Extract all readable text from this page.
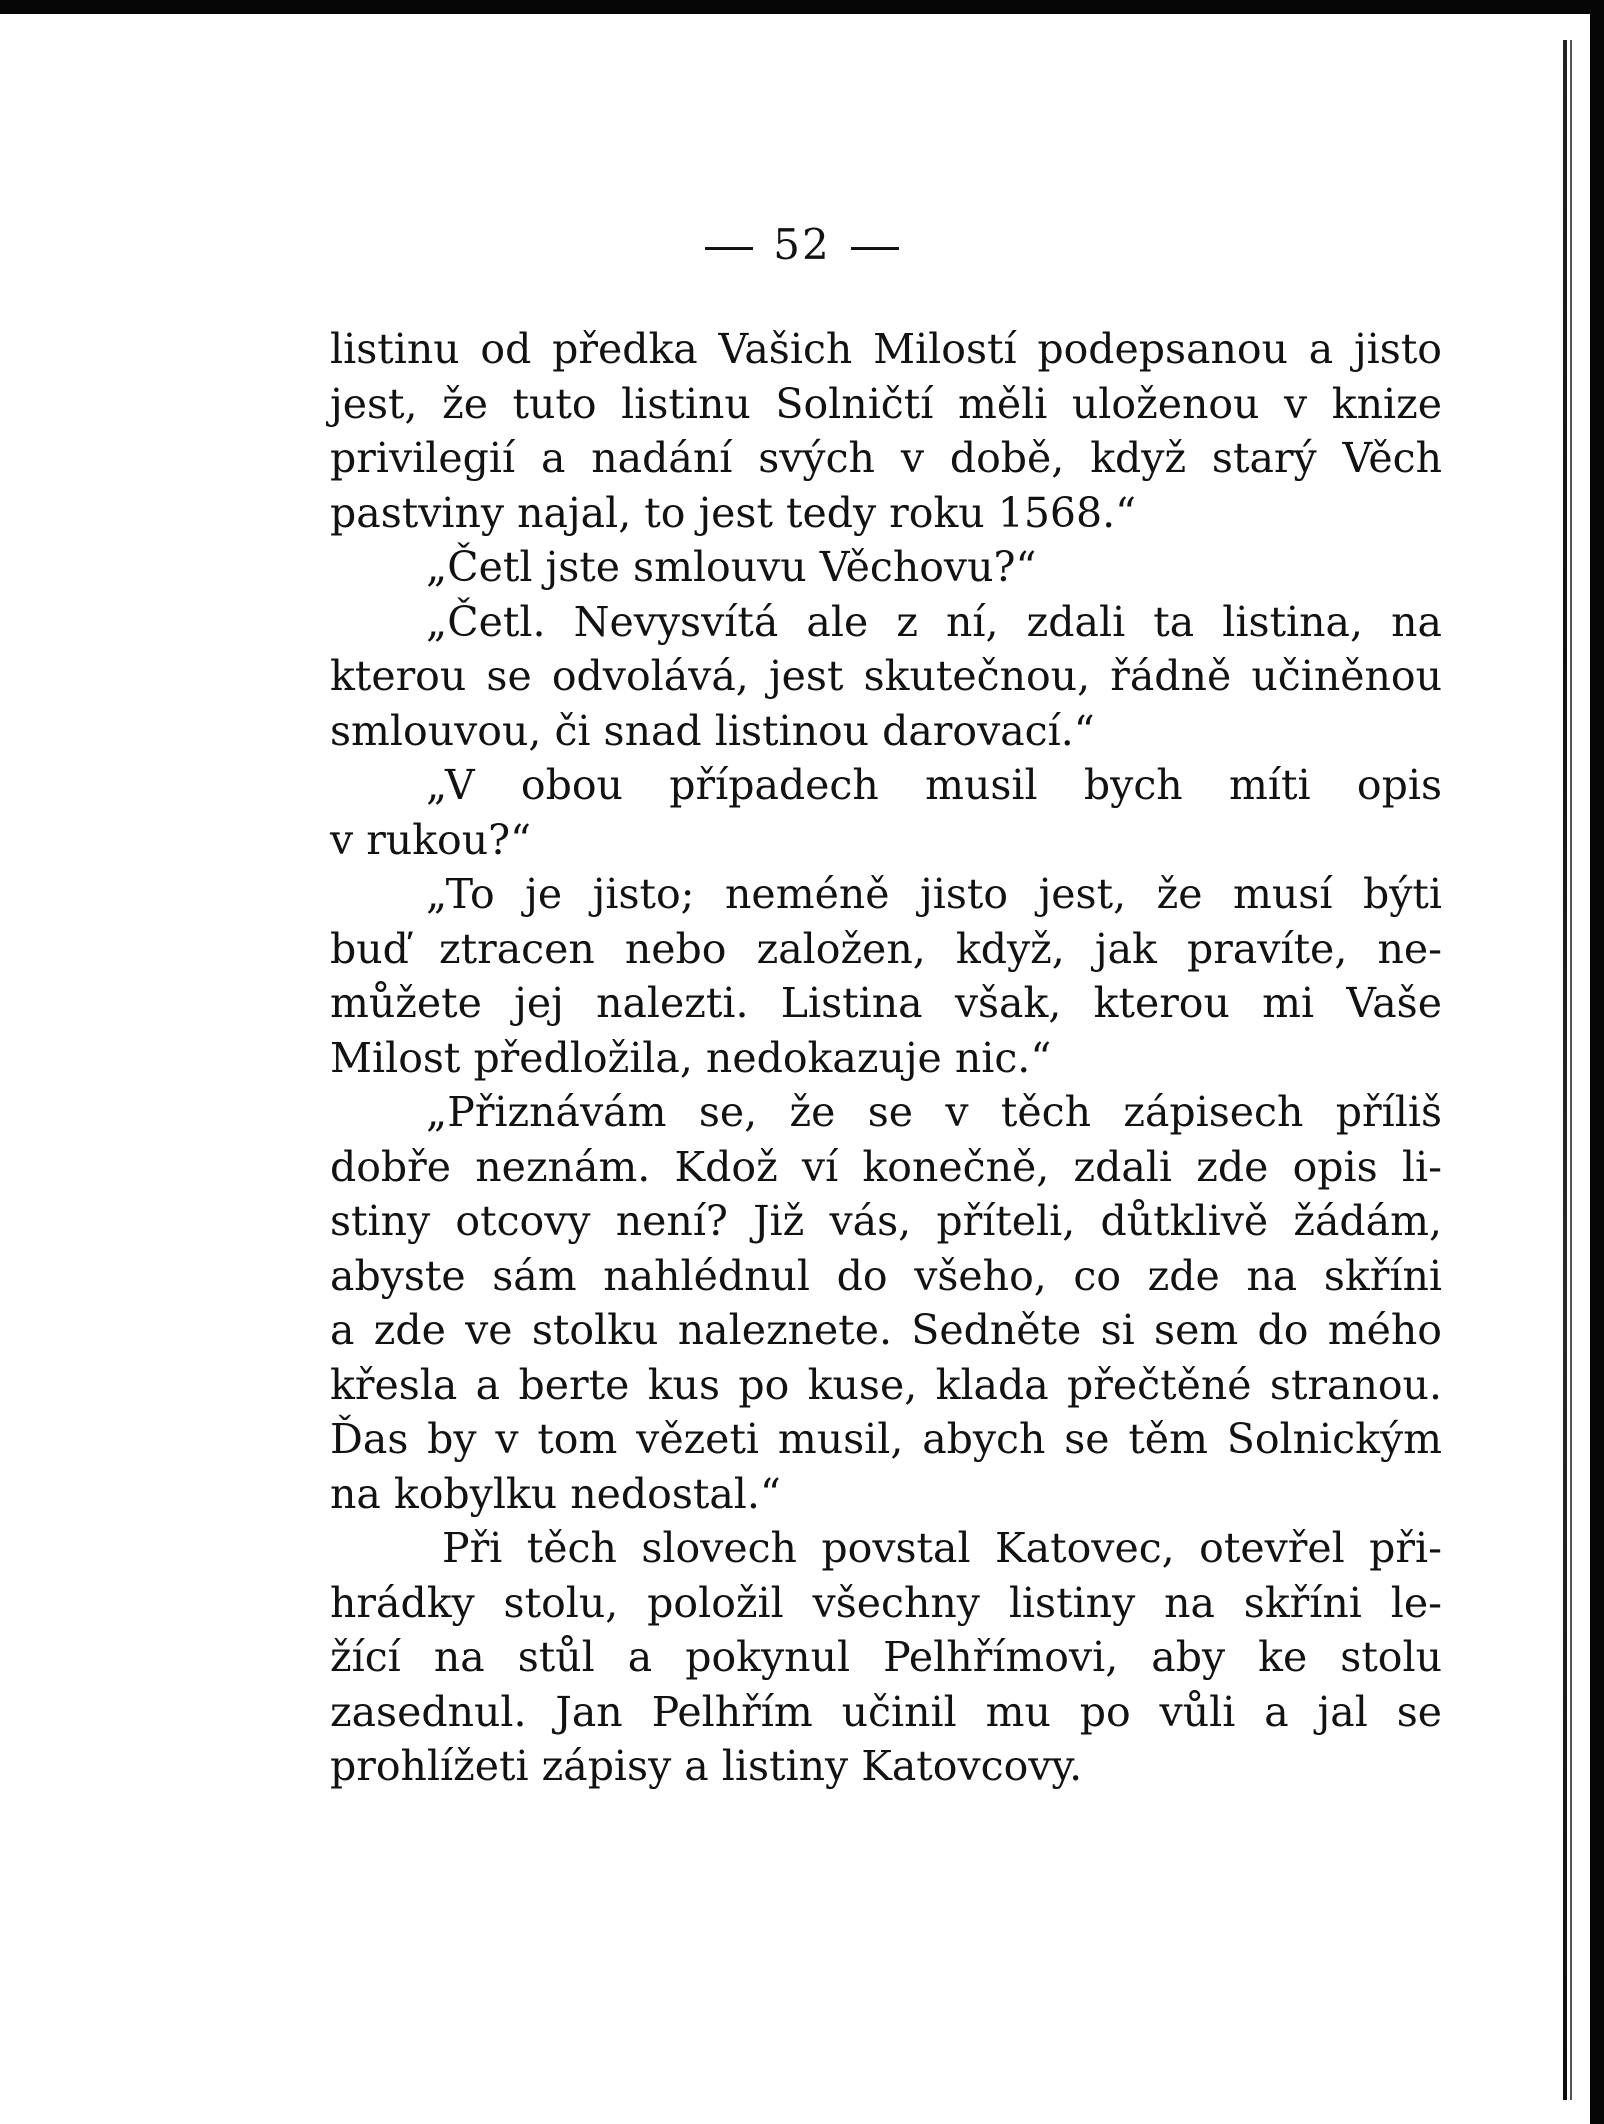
52
listinu od předka Vašich Milostí podepsanou a jisto
jest, že tuto listinu Solničtí měli uloženou v knize
privilegií a nadání svých v době, když starý Věch
pastviny najal, to jest tedy roku 1568.“
„Četl jste smlouvu Věchovu?“
„Četl. Nevysvítá ale z ní, zdali ta listina, na
kterou se odvolává, jest skutečnou, řádně učiněnou
smlouvou, či snad listinou darovací.“
„V obou případech musil bych míti opis
v rukou?“
„To je jisto; neméně jisto jest, že musí býti
buď ztracen nebo založen, když, jak pravíte, ne-
můžete jej nalezti. Listina však, kterou mi Vaše
Milost předložila, nedokazuje nic.“
„Přiznávám se, že se v těch zápisech příliš
dobře neznám. Kdož ví konečně, zdali zde opis li-
stiny otcovy není? Již vás, příteli, důtklivě žádám,
abyste sám nahlédnul do všeho, co zde na skříni
a zde ve stolku naleznete. Sedněte si sem do mého
křesla a berte kus po kuse, klada přečtěné stranou.
Ďas by v tom vězeti musil, abych se těm Solnickým
na kobylku nedostal.“
Při těch slovech povstal Katovec, otevřel při-
hrádky stolu, položil všechny listiny na skříni le-
žící na stůl a pokynul Pelhřímovi, aby ke stolu
zasednul. Jan Pelhřím učinil mu po vůli a jal se
prohlížeti zápisy a listiny Katovcovy.
